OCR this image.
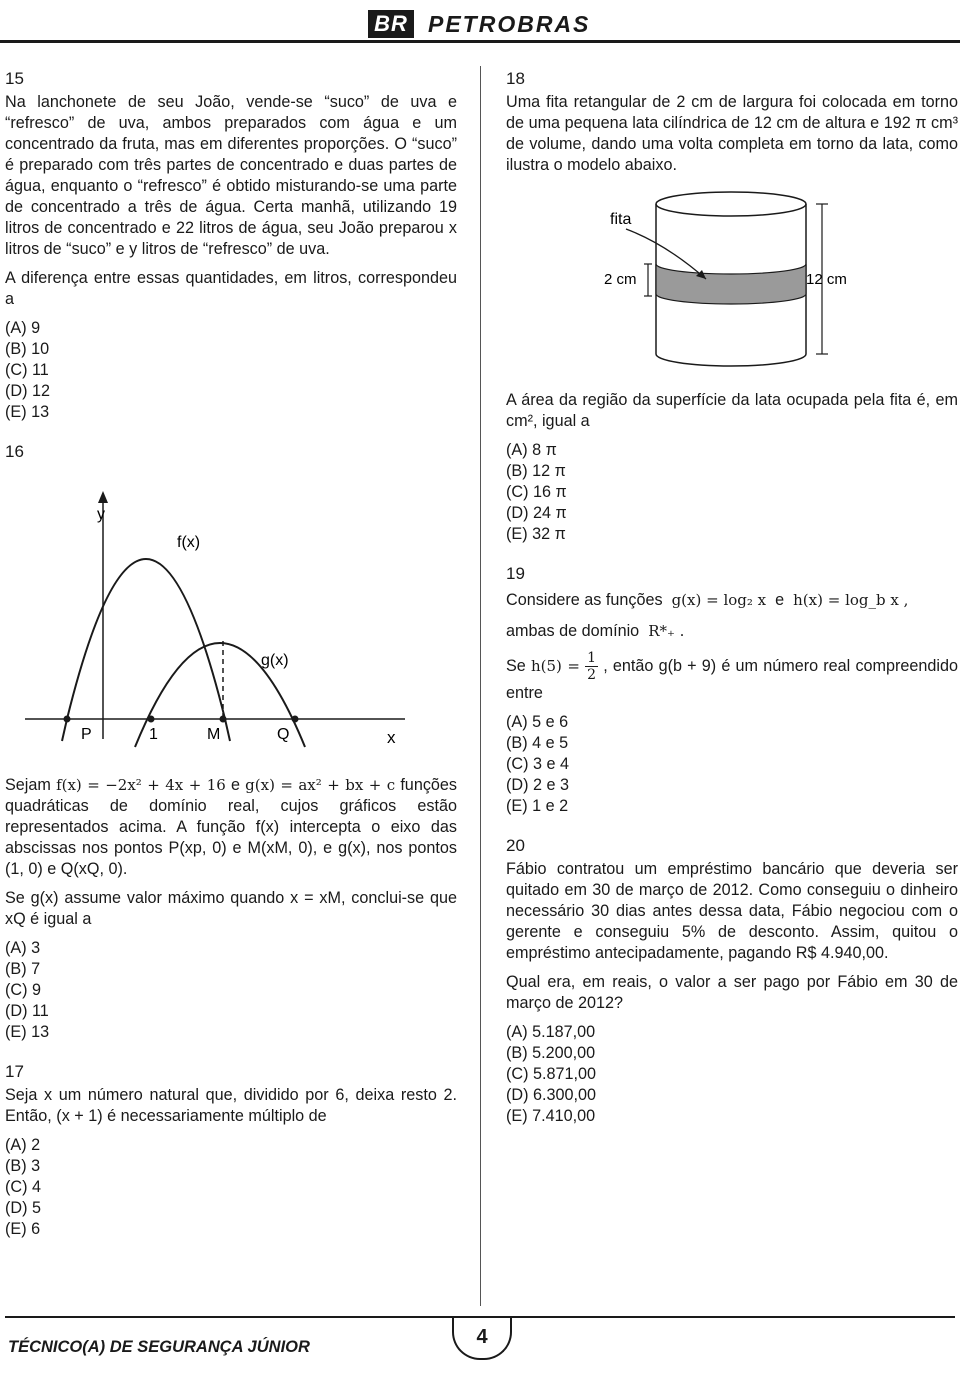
BR PETROBRAS
15

Na lanchonete de seu João, vende-se “suco” de uva e “refresco” de uva, ambos preparados com água e um concentrado da fruta, mas em diferentes proporções. O “suco” é preparado com três partes de concentrado e duas partes de água, enquanto o “refresco” é obtido misturando-se uma parte de concentrado a três de água. Certa manhã, utilizando 19 litros de concentrado e 22 litros de água, seu João preparou x litros de “suco” e y litros de “refresco” de uva.

A diferença entre essas quantidades, em litros, correspondeu a

(A) 9
(B) 10
(C) 11
(D) 12
(E) 13
16
y
f(x)
g(x)
P	1	M	Q	x

Sejam f(x) = −2x² + 4x + 16 e g(x) = ax² + bx + c funções quadráticas de domínio real, cujos gráficos estão representados acima. A função f(x) intercepta o eixo das abscissas nos pontos P(xp, 0) e M(xM, 0), e g(x), nos pontos (1, 0) e Q(xQ, 0).

Se g(x) assume valor máximo quando x = xM, conclui-se que xQ é igual a

(A) 3
(B) 7
(C) 9
(D) 11
(E) 13
17

Seja x um número natural que, dividido por 6, deixa resto 2. Então, (x + 1) é necessariamente múltiplo de

(A) 2
(B) 3
(C) 4
(D) 5
(E) 6
18

Uma fita retangular de 2 cm de largura foi colocada em torno de uma pequena lata cilíndrica de 12 cm de altura e 192 π cm³ de volume, dando uma volta completa em torno da lata, como ilustra o modelo abaixo.

fita
2 cm	12 cm

A área da região da superfície da lata ocupada pela fita é, em cm², igual a

(A) 8 π
(B) 12 π
(C) 16 π
(D) 24 π
(E) 32 π
19

Considere as funções g(x) = log₂ x e h(x) = log_b x ,

ambas de domínio R*₊ .

Se $h(5) = \frac{1}{2}$ , então g(b + 9) é um número real compreendido entre

(A) 5 e 6
(B) 4 e 5
(C) 3 e 4
(D) 2 e 3
(E) 1 e 2
20

Fábio contratou um empréstimo bancário que deveria ser quitado em 30 de março de 2012. Como conseguiu o dinheiro necessário 30 dias antes dessa data, Fábio negociou com o gerente e conseguiu 5% de desconto. Assim, quitou o empréstimo antecipadamente, pagando R$ 4.940,00.

Qual era, em reais, o valor a ser pago por Fábio em 30 de março de 2012?

(A) 5.187,00
(B) 5.200,00
(C) 5.871,00
(D) 6.300,00
(E) 7.410,00
TÉCNICO(A) DE SEGURANÇA JÚNIOR	4
